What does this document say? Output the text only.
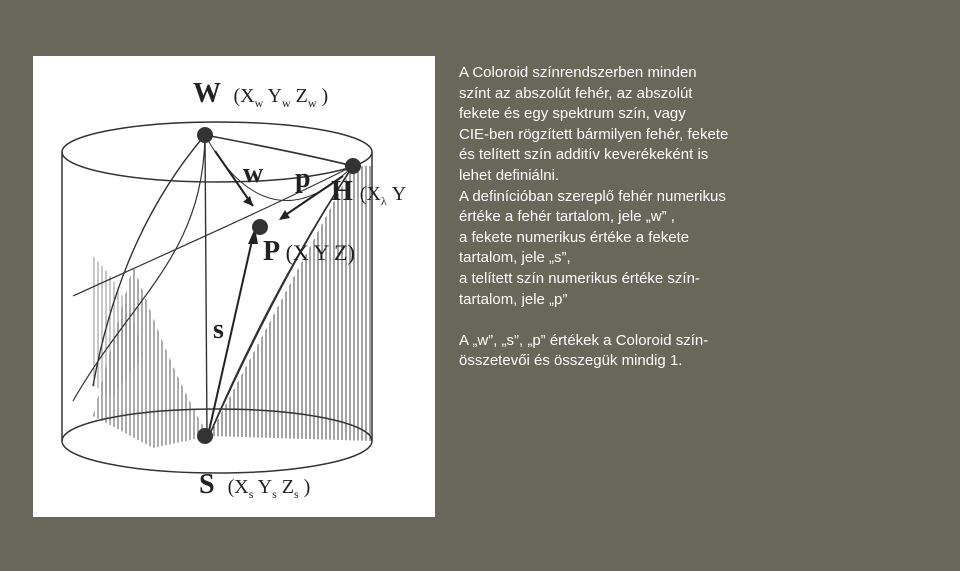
W ($X_w$ $Y_w$ $Z_w$ )
w p H ($X_\lambda$ Y
P (X Y Z)
s
S ($X_s$ $Y_s$ $Z_s$ )

A Coloroid színrendszerben minden

színt az abszolút fehér, az abszolút

fekete és egy spektrum szín, vagy

CIE-ben rögzített bármilyen fehér, fekete

és telített szín additív keverékeként is

lehet definiálni.

A definícióban szereplő fehér numerikus

értéke a fehér tartalom, jele „w” ,

a fekete numerikus értéke a fekete

tartalom, jele „s”,

a telített szín numerikus értéke szín-

tartalom, jele „p”

A „w”, „s”, „p” értékek a Coloroid szín-

összetevői és összegük mindig 1.
